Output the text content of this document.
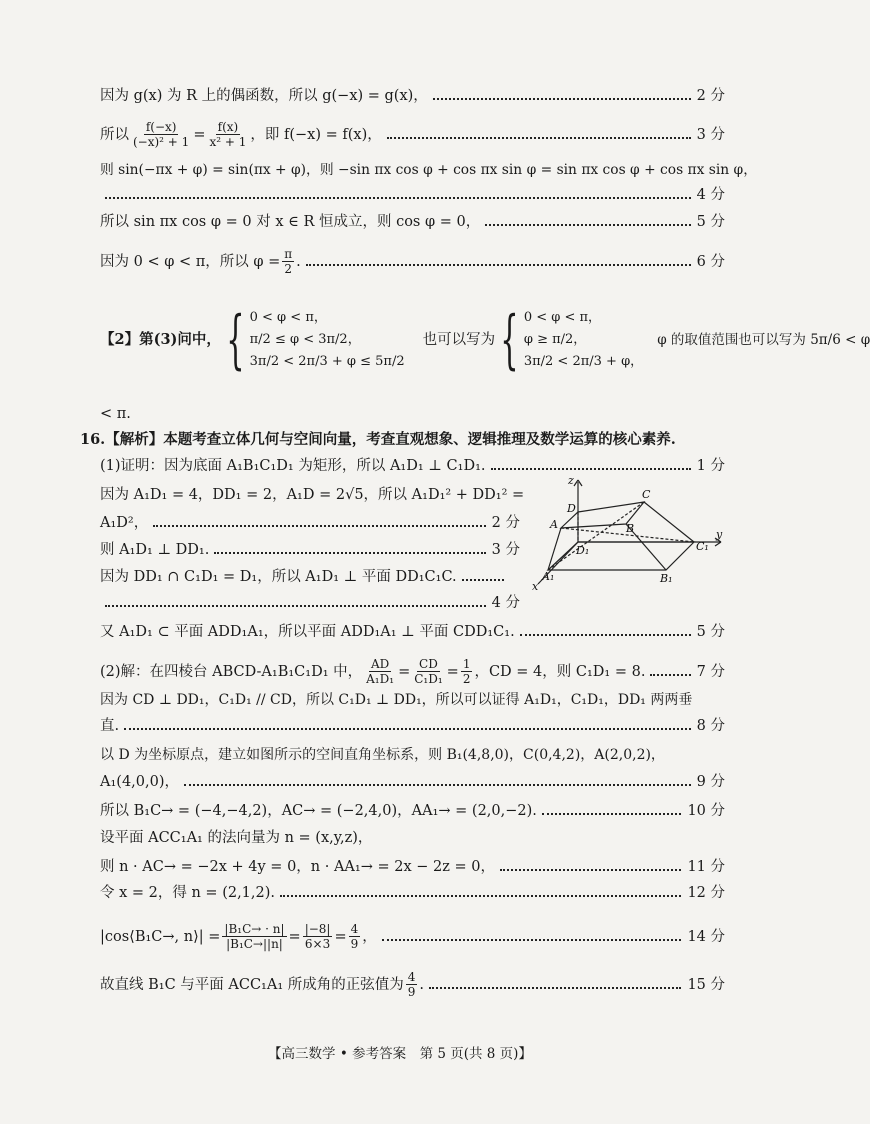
因为 g(x) 为 R 上的偶函数，所以 g(−x) = g(x)，	2 分
所以 $\frac{f(-x)}{\text{(−x)² + 1}} = \frac{f(x)}{\text{x² + 1}}$ ，即 f(−x) = f(x)，	3 分
则 sin(−πx + φ) = sin(πx + φ)，则 −sin πx cos φ + cos πx sin φ = sin πx cos φ + cos πx sin φ，
4 分
所以 sin πx cos φ = 0 对 x ∈ R 恒成立，则 cos φ = 0，	5 分
因为 0 < φ < π，所以 $\varphi = \frac{\pi}{2}$ .	6 分
【2】第(3)问中， { 0 < φ < π，
π/2 ≤ φ < 3π/2，
3π/2 < 2π/3 + φ ≤ 5π/2
也可以写为 { 0 < φ < π，
φ ≥ π/2，
3π/2 < 2π/3 + φ，
φ 的取值范围也可以写为 5π/6 < φ
< π.
16.【解析】本题考查立体几何与空间向量，考查直观想象、逻辑推理及数学运算的核心素养.
(1)证明：因为底面 A₁B₁C₁D₁ 为矩形，所以 A₁D₁ ⊥ C₁D₁.	1 分
因为 A₁D₁ = 4，DD₁ = 2，A₁D = 2√5，所以 A₁D₁² + DD₁² =
A₁D²，	2 分
则 A₁D₁ ⊥ DD₁.	3 分
因为 DD₁ ∩ C₁D₁ = D₁，所以 A₁D₁ ⊥ 平面 DD₁C₁C.
4 分
又 A₁D₁ ⊂ 平面 ADD₁A₁，所以平面 ADD₁A₁ ⊥ 平面 CDD₁C₁.	5 分
(2)解：在四棱台 ABCD-A₁B₁C₁D₁ 中， $\frac{AD}{\text{A₁D₁}} = \frac{CD}{\text{C₁D₁}} = \frac{1}{2}$ ，CD = 4，则 C₁D₁ = 8.	7 分
因为 CD ⊥ DD₁，C₁D₁ // CD，所以 C₁D₁ ⊥ DD₁，所以可以证得 A₁D₁，C₁D₁，DD₁ 两两垂
直.	8 分
以 D 为坐标原点，建立如图所示的空间直角坐标系，则 B₁(4,8,0)，C(0,4,2)，A(2,0,2)，
A₁(4,0,0)，	9 分
所以 B₁C→ = (−4,−4,2)，AC→ = (−2,4,0)，AA₁→ = (2,0,−2).	10 分
设平面 ACC₁A₁ 的法向量为 n = (x,y,z)，
则 n · AC→ = −2x + 4y = 0，n · AA₁→ = 2x − 2z = 0，	11 分
令 x = 2，得 n = (2,1,2).	12 分
|cos⟨B₁C→, n⟩| = $\frac{\text{|B₁C→ · n|}}{\text{|B₁C→||n|}} = \frac{|-8|}{6\times 3} = \frac{4}{9}$ ，	14 分
故直线 B₁C 与平面 ACC₁A₁ 所成角的正弦值为 $\frac{4}{9}$ .	15 分
z
D
C
A	B
D₁	C₁
y
A₁	B₁
x
【高三数学 • 参考答案　第 5 页(共 8 页)】
